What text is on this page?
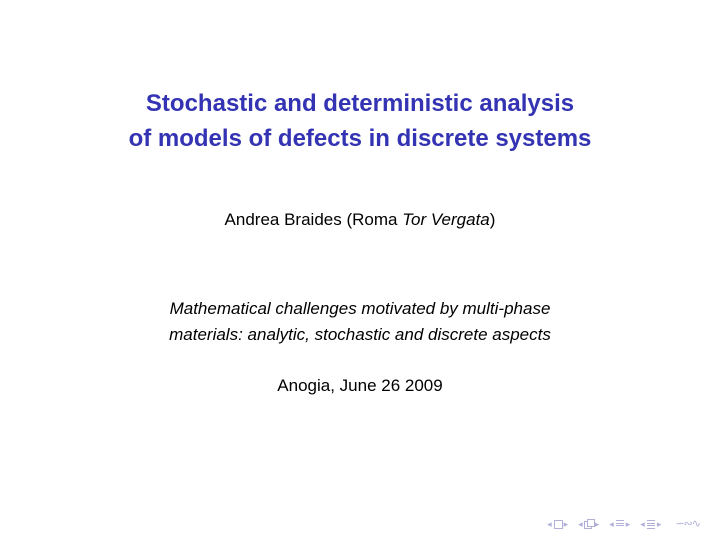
Stochastic and deterministic analysis
of models of defects in discrete systems
Andrea Braides (Roma Tor Vergata)
Mathematical challenges motivated by multi-phase
materials: analytic, stochastic and discrete aspects
Anogia, June 26 2009
◂ ▸ ◂ ▸ ◂ ▸ ◂ ▸ ∽∾∿
